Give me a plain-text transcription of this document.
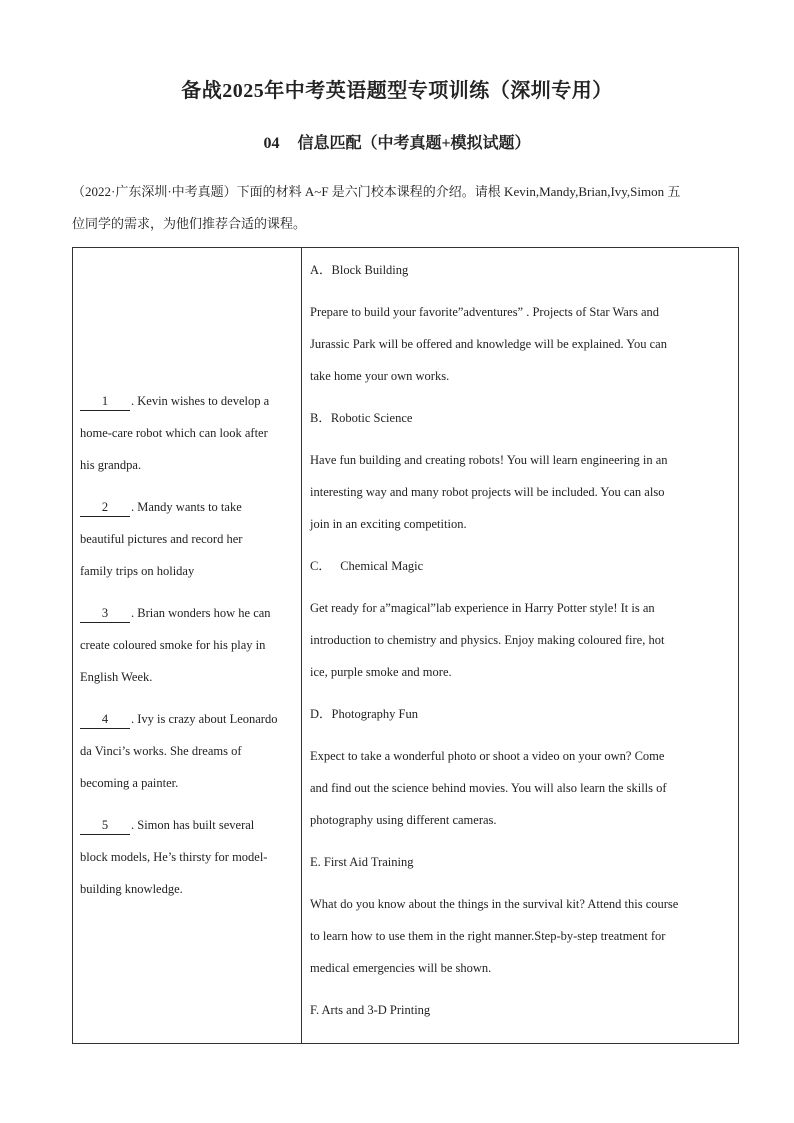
备战2025年中考英语题型专项训练（深圳专用）
04 信息匹配（中考真题+模拟试题）

（2022·广东深圳·中考真题）下面的材料 A~F 是六门校本课程的介绍。请根 Kevin,Mandy,Brian,Ivy,Simon 五

位同学的需求，为他们推荐合适的课程。

1 . Kevin wishes to develop a
home-care robot which can look after
his grandpa.
2 . Mandy wants to take
beautiful pictures and record her
family trips on holiday
3 . Brian wonders how he can
create coloured smoke for his play in
English Week.
4 . Ivy is crazy about Leonardo
da Vinci’s works. She dreams of
becoming a painter.
5 . Simon has built several
block models, He’s thirsty for model-
building knowledge.

A．Block Building
Prepare to build your favorite”adventures” . Projects of Star Wars and
Jurassic Park will be offered and knowledge will be explained. You can
take home your own works.
B．Robotic Science
Have fun building and creating robots! You will learn engineering in an
interesting way and many robot projects will be included. You can also
join in an exciting competition.
C．   Chemical Magic
Get ready for a”magical”lab experience in Harry Potter style! It is an
introduction to chemistry and physics. Enjoy making coloured fire, hot
ice, purple smoke and more.
D．Photography Fun
Expect to take a wonderful photo or shoot a video on your own? Come
and find out the science behind movies. You will also learn the skills of
photography using different cameras.
E. First Aid Training
What do you know about the things in the survival kit? Attend this course
to learn how to use them in the right manner.Step-by-step treatment for
medical emergencies will be shown.
F. Arts and 3-D Printing
